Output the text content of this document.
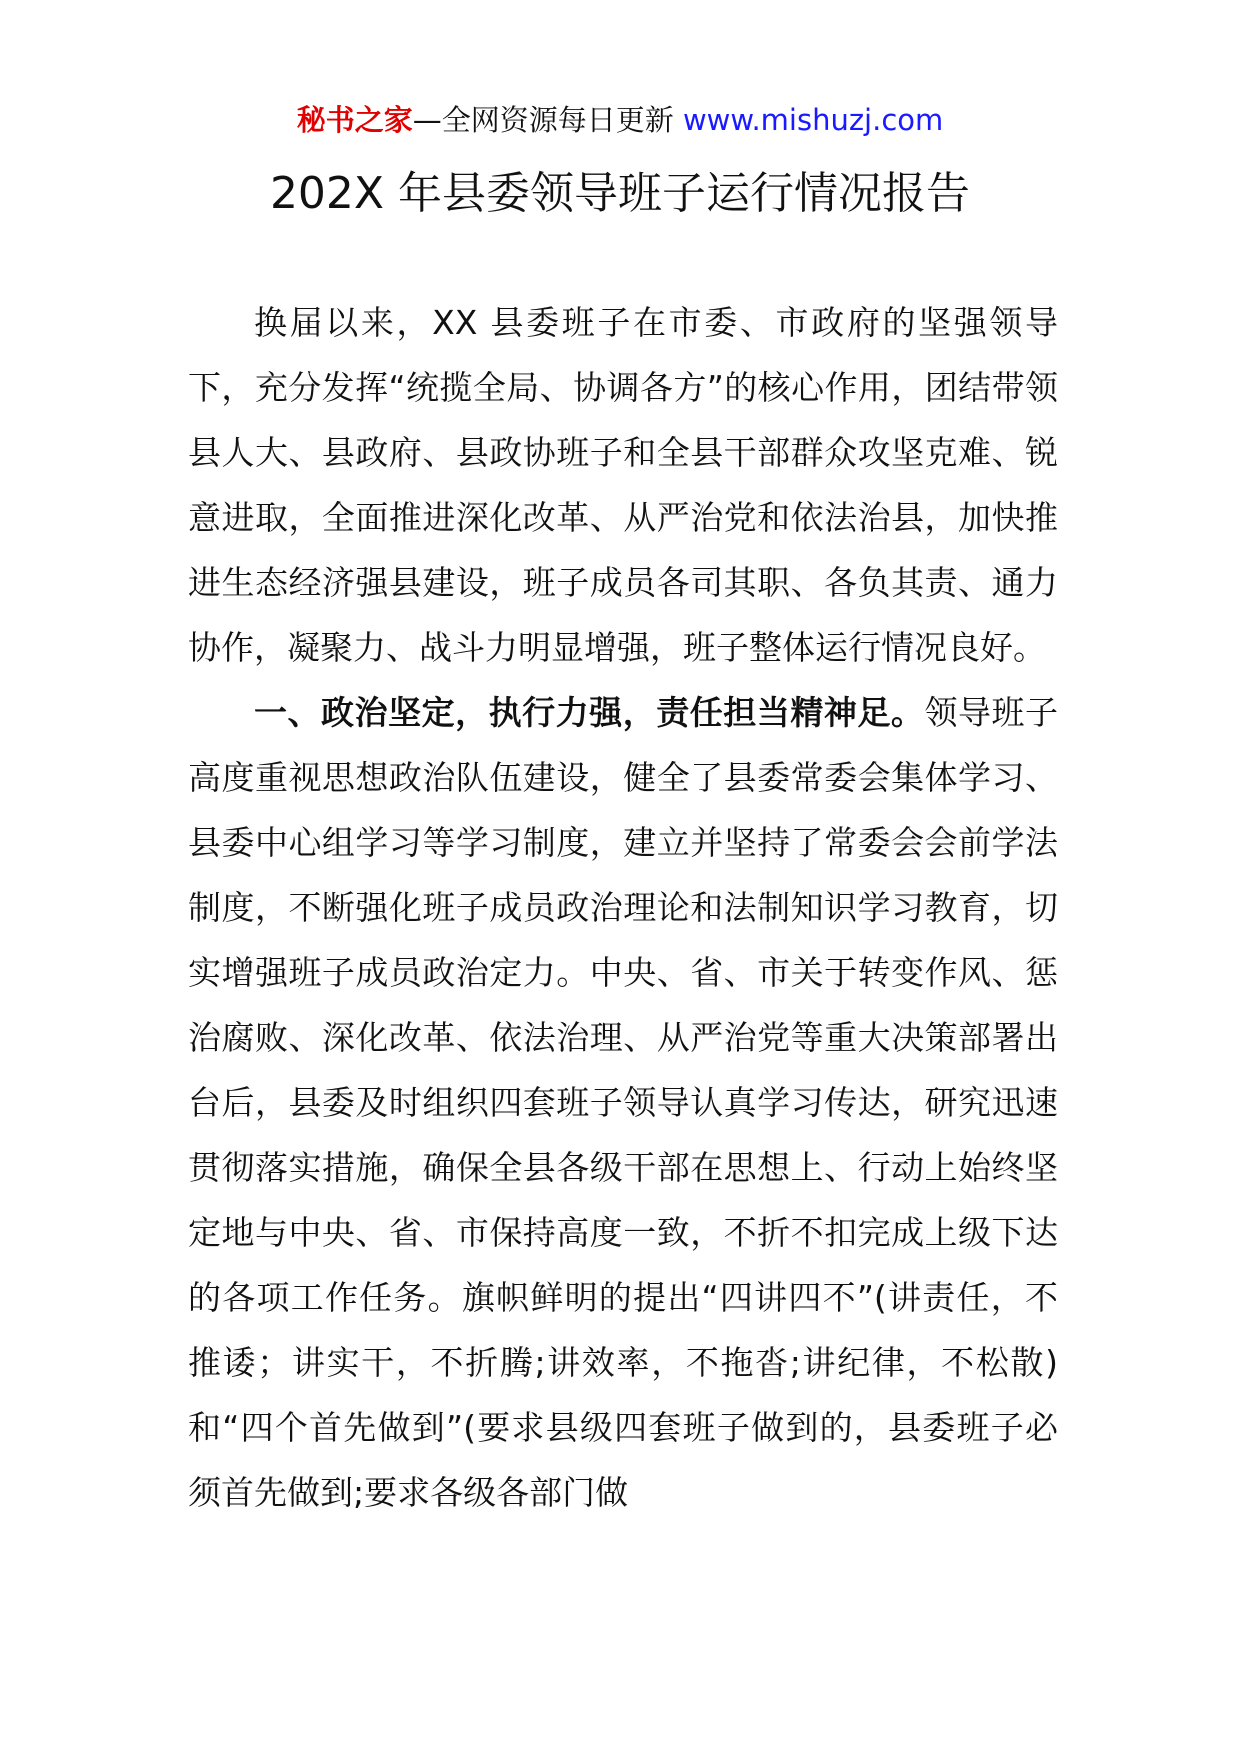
秘书之家—全网资源每日更新 www.mishuzj.com
202X 年县委领导班子运行情况报告

换届以来，XX 县委班子在市委、市政府的坚强领导下，充分发挥“统揽全局、协调各方”的核心作用，团结带领县人大、县政府、县政协班子和全县干部群众攻坚克难、锐意进取，全面推进深化改革、从严治党和依法治县，加快推进生态经济强县建设，班子成员各司其职、各负其责、通力协作，凝聚力、战斗力明显增强，班子整体运行情况良好。

一、政治坚定，执行力强，责任担当精神足。领导班子高度重视思想政治队伍建设，健全了县委常委会集体学习、县委中心组学习等学习制度，建立并坚持了常委会会前学法制度，不断强化班子成员政治理论和法制知识学习教育，切实增强班子成员政治定力。中央、省、市关于转变作风、惩治腐败、深化改革、依法治理、从严治党等重大决策部署出台后，县委及时组织四套班子领导认真学习传达，研究迅速贯彻落实措施，确保全县各级干部在思想上、行动上始终坚定地与中央、省、市保持高度一致，不折不扣完成上级下达的各项工作任务。旗帜鲜明的提出“四讲四不”(讲责任，不推诿；讲实干，不折腾;讲效率，不拖沓;讲纪律，不松散)和“四个首先做到”(要求县级四套班子做到的，县委班子必须首先做到;要求各级各部门做
